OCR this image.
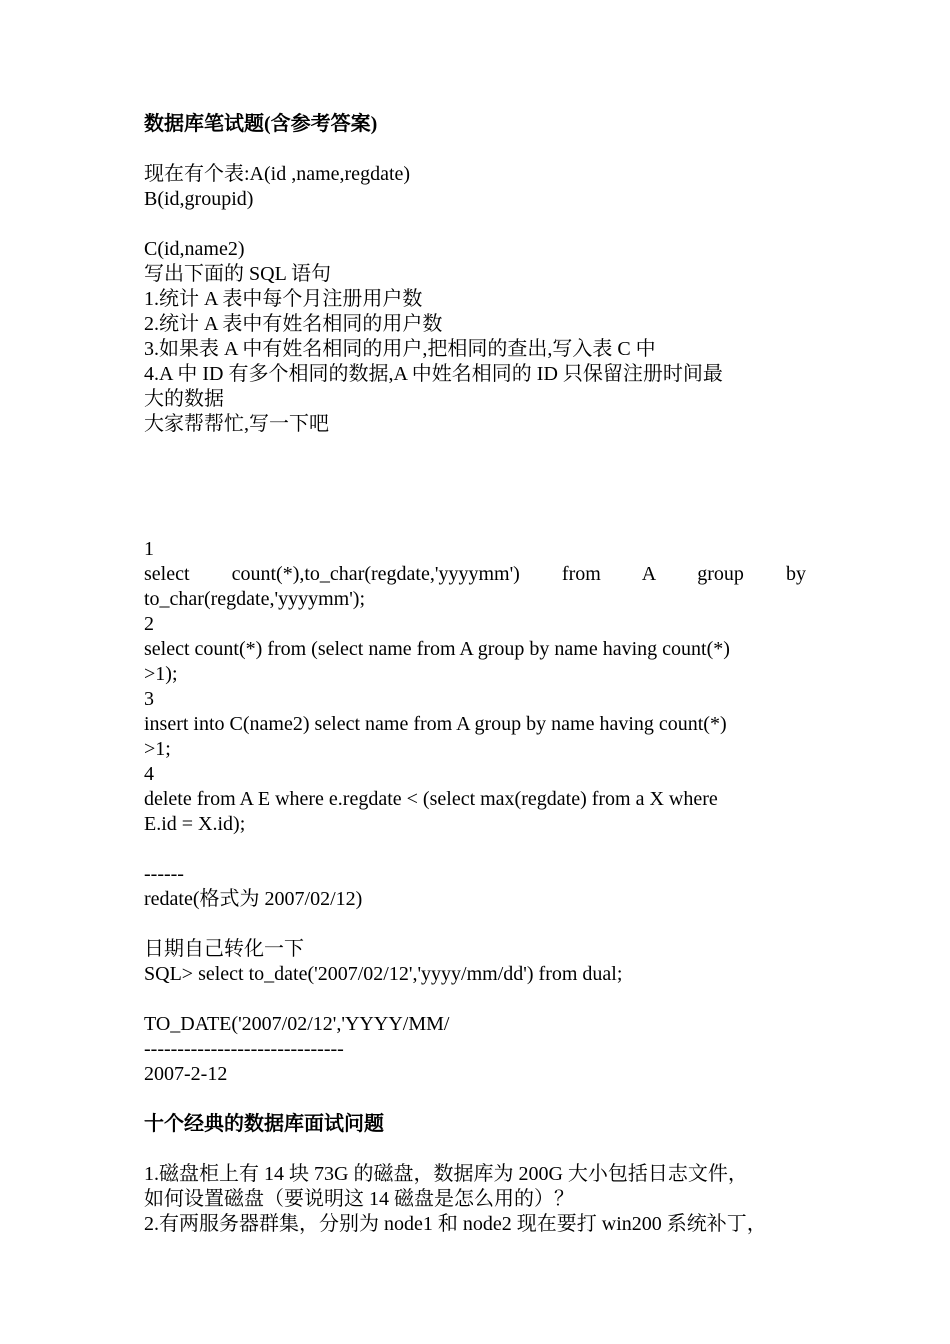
数据库笔试题(含参考答案)
现在有个表:A(id ,name,regdate)
B(id,groupid)
C(id,name2)
写出下面的 SQL 语句
1.统计 A 表中每个月注册用户数
2.统计 A 表中有姓名相同的用户数
3.如果表 A 中有姓名相同的用户,把相同的查出,写入表 C 中
4.A 中 ID 有多个相同的数据,A 中姓名相同的 ID 只保留注册时间最
大的数据
大家帮帮忙,写一下吧
1
select count(*),to_char(regdate,'yyyymm') from A group by
to_char(regdate,'yyyymm');
2
select count(*) from (select name from A group by name having count(*)
>1);
3
insert into C(name2) select name from A group by name having count(*)
>1;
4
delete from A E where e.regdate < (select max(regdate) from a X where
E.id = X.id);
------
redate(格式为 2007/02/12)
日期自己转化一下
SQL> select to_date('2007/02/12','yyyy/mm/dd') from dual;
TO_DATE('2007/02/12','YYYY/MM/
------------------------------
2007-2-12
十个经典的数据库面试问题
1.磁盘柜上有 14 块 73G 的磁盘，数据库为 200G 大小包括日志文件，
如何设置磁盘（要说明这 14 磁盘是怎么用的）？
2.有两服务器群集，分别为 node1 和 node2 现在要打 win200 系统补丁，
